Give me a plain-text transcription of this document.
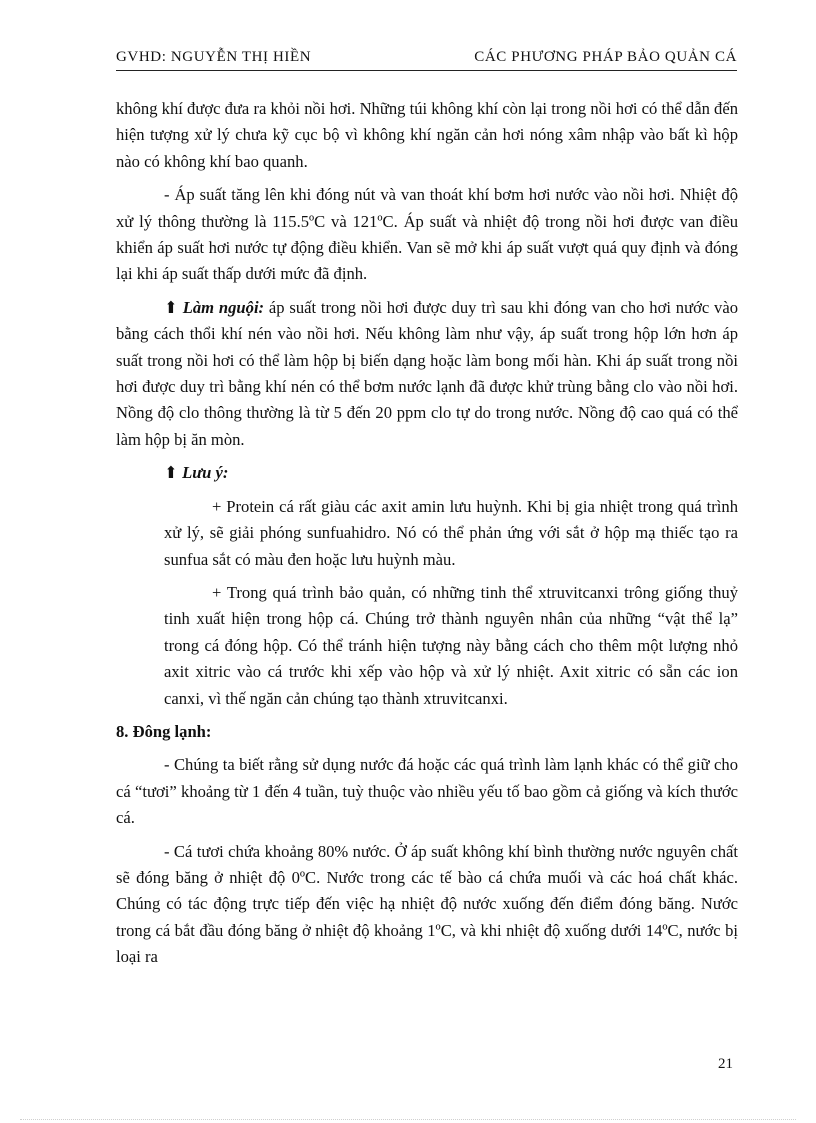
GVHD: NGUYỄN THỊ HIỀN	CÁC PHƯƠNG PHÁP BẢO QUẢN CÁ

không khí được đưa ra khỏi nồi hơi. Những túi không khí còn lại trong nồi hơi có thể dẫn đến hiện tượng xử lý chưa kỹ cục bộ vì không khí ngăn cản hơi nóng xâm nhập vào bất kì hộp nào có không khí bao quanh.

- Áp suất tăng lên khi đóng nút và van thoát khí bơm hơi nước vào nồi hơi. Nhiệt độ xử lý thông thường là 115.5ºC và 121ºC. Áp suất và nhiệt độ trong nồi hơi được van điều khiển áp suất hơi nước tự động điều khiển. Van sẽ mở khi áp suất vượt quá quy định và đóng lại khi áp suất thấp dưới mức đã định.

⬆ Làm nguội: áp suất trong nồi hơi được duy trì sau khi đóng van cho hơi nước vào bằng cách thổi khí nén vào nồi hơi. Nếu không làm như vậy, áp suất trong hộp lớn hơn áp suất trong nồi hơi có thể làm hộp bị biến dạng hoặc làm bong mối hàn. Khi áp suất trong nồi hơi được duy trì bằng khí nén có thể bơm nước lạnh đã được khử trùng bằng clo vào nồi hơi. Nồng độ clo thông thường là từ 5 đến 20 ppm clo tự do trong nước. Nồng độ cao quá có thể làm hộp bị ăn mòn.

⬆ Lưu ý:

+ Protein cá rất giàu các axit amin lưu huỳnh. Khi bị gia nhiệt trong quá trình xử lý, sẽ giải phóng sunfuahidro. Nó có thể phản ứng với sắt ở hộp mạ thiếc tạo ra sunfua sắt có màu đen hoặc lưu huỳnh màu.

+ Trong quá trình bảo quản, có những tinh thể xtruvitcanxi trông giống thuỷ tinh xuất hiện trong hộp cá. Chúng trở thành nguyên nhân của những “vật thể lạ” trong cá đóng hộp. Có thể tránh hiện tượng này bằng cách cho thêm một lượng nhỏ axit xitric vào cá trước khi xếp vào hộp và xử lý nhiệt. Axit xitric có sẵn các ion canxi, vì thế ngăn cản chúng tạo thành xtruvitcanxi.

8. Đông lạnh:

- Chúng ta biết rằng sử dụng nước đá hoặc các quá trình làm lạnh khác có thể giữ cho cá “tươi” khoảng từ 1 đến 4 tuần, tuỳ thuộc vào nhiều yếu tố bao gồm cả giống và kích thước cá.

- Cá tươi chứa khoảng 80% nước. Ở áp suất không khí bình thường nước nguyên chất sẽ đóng băng ở nhiệt độ 0ºC. Nước trong các tế bào cá chứa muối và các hoá chất khác. Chúng có tác động trực tiếp đến việc hạ nhiệt độ nước xuống đến điểm đóng băng. Nước trong cá bắt đầu đóng băng ở nhiệt độ khoảng 1ºC, và khi nhiệt độ xuống dưới 14ºC, nước bị loại ra

21
